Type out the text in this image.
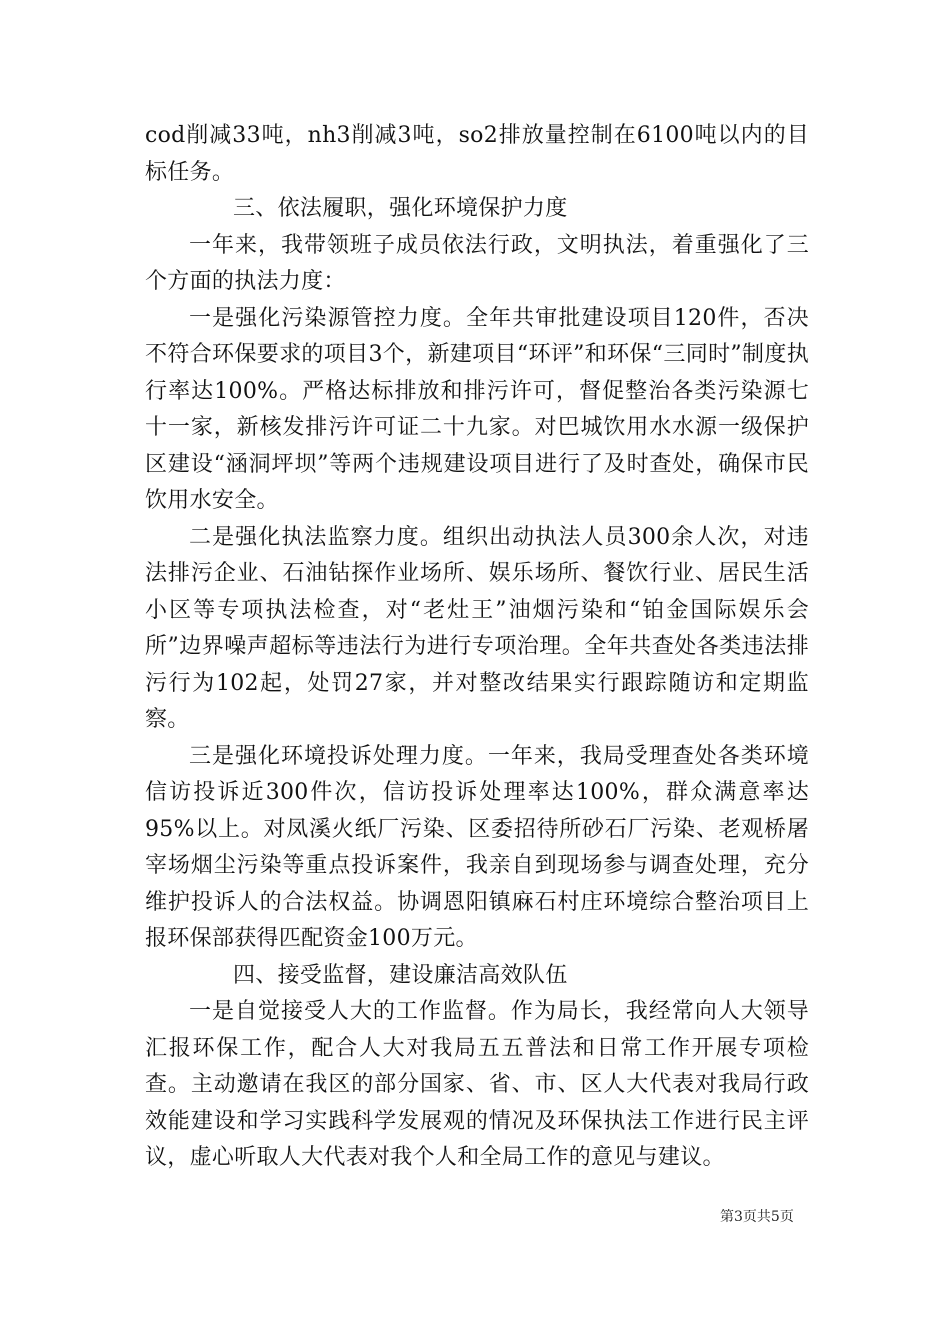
cod削减33吨，nh3削减3吨，so2排放量控制在6100吨以内的目标任务。

三、依法履职，强化环境保护力度

一年来，我带领班子成员依法行政，文明执法，着重强化了三个方面的执法力度：

一是强化污染源管控力度。全年共审批建设项目120件，否决不符合环保要求的项目3个，新建项目“环评”和环保“三同时”制度执行率达100%。严格达标排放和排污许可，督促整治各类污染源七十一家，新核发排污许可证二十九家。对巴城饮用水水源一级保护区建设“涵洞坪坝”等两个违规建设项目进行了及时查处，确保市民饮用水安全。

二是强化执法监察力度。组织出动执法人员300余人次，对违法排污企业、石油钻探作业场所、娱乐场所、餐饮行业、居民生活小区等专项执法检查，对“老灶王”油烟污染和“铂金国际娱乐会所”边界噪声超标等违法行为进行专项治理。全年共查处各类违法排污行为102起，处罚27家，并对整改结果实行跟踪随访和定期监察。

三是强化环境投诉处理力度。一年来，我局受理查处各类环境信访投诉近300件次，信访投诉处理率达100%，群众满意率达95%以上。对凤溪火纸厂污染、区委招待所砂石厂污染、老观桥屠宰场烟尘污染等重点投诉案件，我亲自到现场参与调查处理，充分维护投诉人的合法权益。协调恩阳镇麻石村庄环境综合整治项目上报环保部获得匹配资金100万元。

四、接受监督，建设廉洁高效队伍

一是自觉接受人大的工作监督。作为局长，我经常向人大领导汇报环保工作，配合人大对我局五五普法和日常工作开展专项检查。主动邀请在我区的部分国家、省、市、区人大代表对我局行政效能建设和学习实践科学发展观的情况及环保执法工作进行民主评议，虚心听取人大代表对我个人和全局工作的意见与建议。

第3页共5页
